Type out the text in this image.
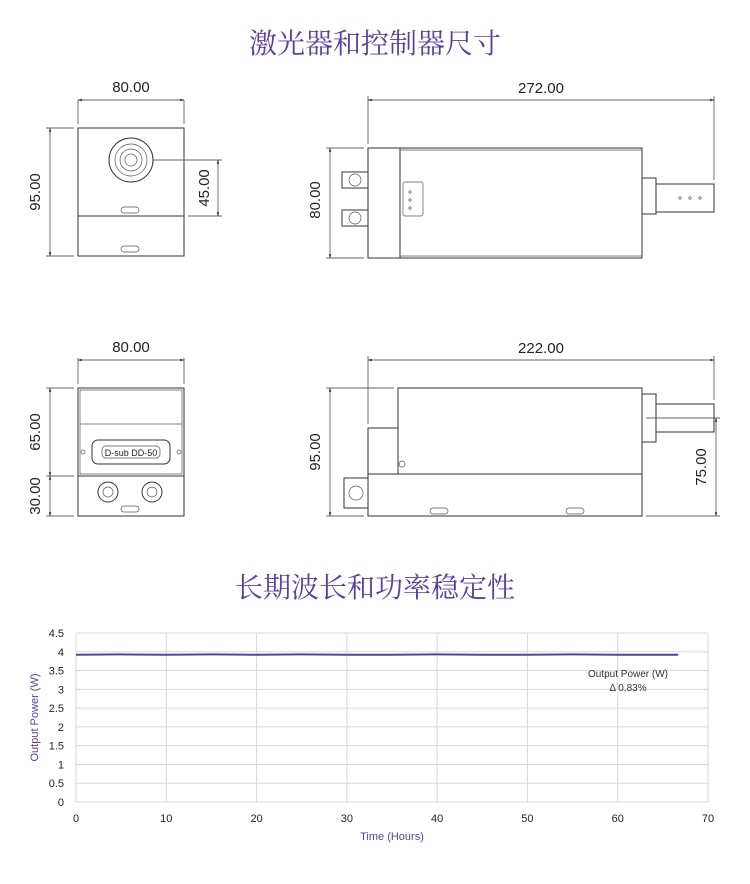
激光器和控制器尺寸
长期波长和功率稳定性
80.00
95.00	45.00
272.00
80.00
D-sub DD-50
80.00
65.00
30.00
222.00
95.00	75.00
0
0.5
1
1.5
2
2.5
3
3.5
4
4.5
0	10	20	30	40	50	60	70
Time (Hours)
Output Power (W)	Output Power (W)
Δ 0.83%
